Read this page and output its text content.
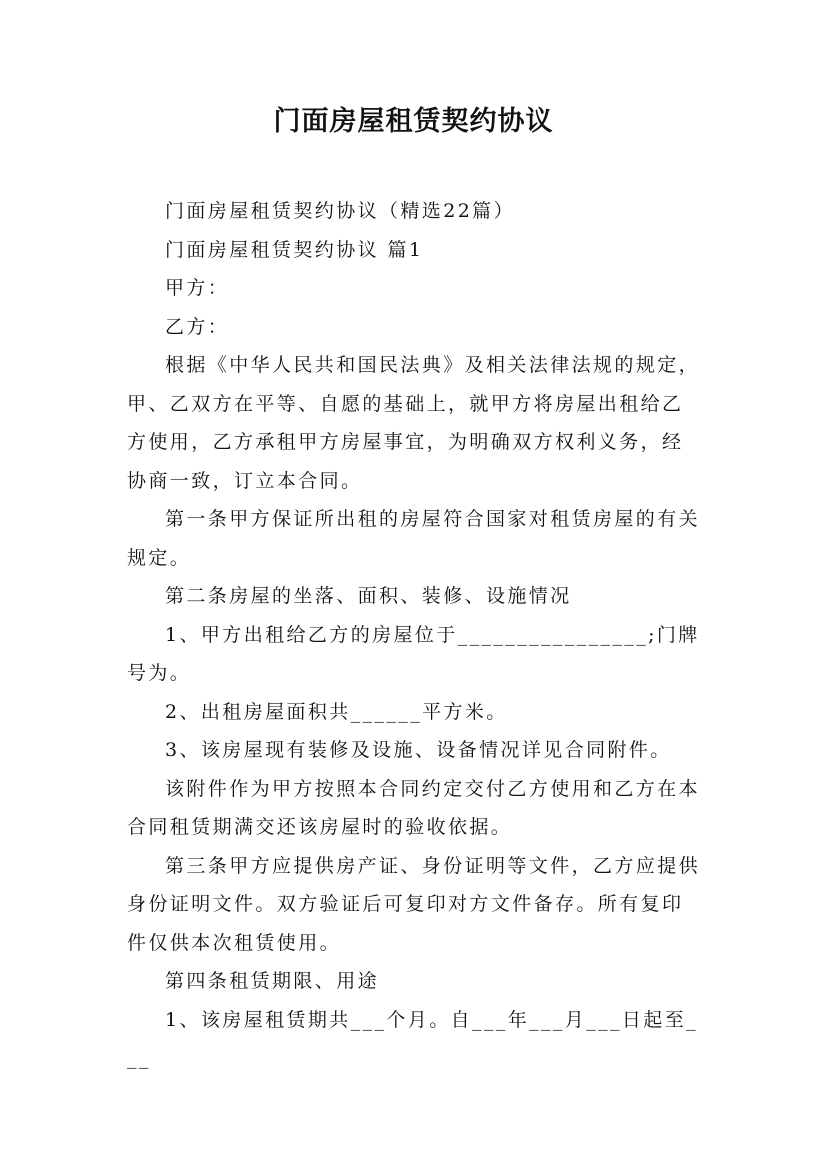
门面房屋租赁契约协议

门面房屋租赁契约协议（精选22篇）

门面房屋租赁契约协议 篇1

甲方：

乙方：

根据《中华人民共和国民法典》及相关法律法规的规定，甲、乙双方在平等、自愿的基础上，就甲方将房屋出租给乙方使用，乙方承租甲方房屋事宜，为明确双方权利义务，经协商一致，订立本合同。

第一条甲方保证所出租的房屋符合国家对租赁房屋的有关规定。

第二条房屋的坐落、面积、装修、设施情况

1、甲方出租给乙方的房屋位于________________;门牌号为。

2、出租房屋面积共______平方米。

3、该房屋现有装修及设施、设备情况详见合同附件。

该附件作为甲方按照本合同约定交付乙方使用和乙方在本合同租赁期满交还该房屋时的验收依据。

第三条甲方应提供房产证、身份证明等文件，乙方应提供身份证明文件。双方验证后可复印对方文件备存。所有复印件仅供本次租赁使用。

第四条租赁期限、用途

1、该房屋租赁期共___个月。自___年___月___日起至___
